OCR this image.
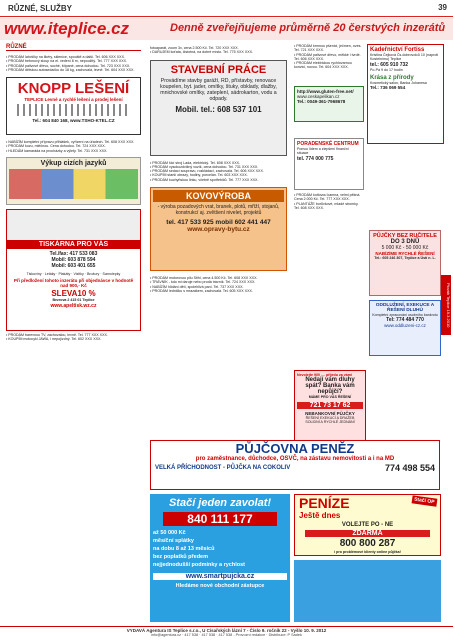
RŮZNÉ, SLUŽBY	39
www.iteplice.cz	Denně zveřejňujeme průměrně 20 čerstvých inzerátů
RŮZNÉ

• PRODÁM lahvičky na likéry, sklenice, spouště a další. Tel. 606 XXX XXX.

• PRODÁM betonový sloup na el. vedení 8 m, nepoužitý. Tel. 777 XXX XXX.

• PRODÁM palivové dřevo, suché, štípané, cena dohodou. Tel. 723 XXX XXX.

• PRODÁM dětskou autosedačku do 18 kg, zachovalá, levně. Tel. 604 XXX XXX.

KNOPP LEŠENÍ
TEPLICE Levné a rychlé lešení a prodej lešení
Tel.: 604 840 168, www.TSHO-KTEL.CZ

• NABÍZÍM kompletní přípravu přihlášek, vyřízení na úřadech. Tel. 608 XXX XXX.

• PRODÁM kozu, mléčnou. Cena dohodou. Tel. 724 XXX XXX.

• HLEDÁM kamaráda na procházky a výlety. Tel. 731 XXX XXX.

Výkup cizích jazyků
TISKÁRNA PRO VÁS
Tel./fax: 417 533 083
Mobil: 603 878 594
Mobil: 603 401 655
Tiskoviny · Letáky · Plakáty · Vizitky · Brožury · Samolepky
Při předložení tohoto inzerátu při objednávce v hodnotě nad 900,- Kč
SLEVA10 %
Bezrova 2 415 01 Teplice
www.apeltisk.wz.cz

• PRODÁM barevnou TV, zachovalou, levně. Tel. 777 XXX XXX.

• KOUPÍM motocykl JAWA, i nepojízdný. Tel. 602 XXX XXX.

fotoaparát, zoom 3x, cena 2.500 Kč. Tel. 720 XXX XXX.

• DARUJEM koťata, čistotná, na dobré místo. Tel. 775 XXX XXX.

STAVEBNÍ PRÁCE
Provádíme stavby garáží, RD, přístavby, renovace koupelen, byt. jader, omítky, štuky, obklady, dlažby, mnichovské omítky, zateplení, sádrokarton, vodu a odpady.
Mobil. tel.: 608 537 101

• PRODÁM šicí stroj Lada, elektrický. Tel. 608 XXX XXX.

• PRODÁM vysokozdvižný vozík, cena dohodou. Tel. 731 XXX XXX.

• PRODÁM sedací soupravu, rozkládací, zachovalá. Tel. 606 XXX XXX.

• KOUPÍM starší obrazy, hodiny, porcelán. Tel. 603 XXX XXX.

• PRODÁM kuchyňskou linku, včetně spotřebičů. Tel. 777 XXX XXX.

KOVOVÝROBA
- výroba pozadových vrat, branek, plotů, mříží, stojanů, konstrukcí aj. zvětšení nivelet, projektů
tel. 417 533 925 mobil 602 441 447
www.opravy-bytu.cz

• PRODÁM motorovou pilu Stihl, cena 4.500 Kč. Tel. 608 XXX XXX.

• TRÁVNÍK - kdo mi daruje nebo prodá trávník. Tel. 724 XXX XXX.

• NABÍZÍM hlídání dětí, spolehlivá paní. Tel. 737 XXX XXX.

• PRODÁM ledničku s mrazákem, zachovalá. Tel. 605 XXX XXX.

• PRODÁM krmnou pšenici, ječmen, oves. Tel. 721 XXX XXX.

• PRODÁM palivové dřevo, měkké i tvrdé. Tel. 606 XXX XXX.

• PRODÁM elektrickou rychlovarnou konvici, novou. Tel. 604 XXX XXX.

Kadeřnictví Fortiss
Kristina Čejková Čs.dobrovolců 10 (naproti Kostelnímu) Teplice
tel.: 605 910 732
Po-Pá 9 do 17 hodin
Krása z přírody
Kosmetický salon, Banka Johanesa
Tel.: 736 069 554
http://www.gluten-free.net/
www.ceskapelikan.cz
Tel.: 0049-361-7968678
PORADENSKÉ CENTRUM
Pomoc lidem a zlepšení finanční situace
tel. 774 000 775

• PRODÁM kotlovou kamna, velmi pěkná. Cena 2.000 Kč. Tel. 777 XXX XXX.

• PLANTÁŽE borůvkové, mladé stromky. Tel. 608 XXX XXX.

PŮJČKY BEZ RUČITELE
DO 3 DNŮ
5 000 Kč - 50 000 Kč
NABÍZÍME RYCHLÉ ŘEŠENÍ
Tel.: 605 246 307, Teplice a Ústí n. L.
ODDLUŽENÍ, EXEKUCE A ŘEŠENÍ DLUHŮ
Kompletní zpracování osobního bankrotu
Tel: 774 484 770
www.oddluzeni-cz.cz	Plovák Teplice 19.3.2010
Nevolejte 900 .... přijedu za vámi
Nedají vám dluhy spát? Banka vám nepůjčí?
MÁME PRO VÁS ŘEŠENÍ
721 73 17 62
NEBANKOVNÍ PŮJČKY
ŘEŠENÍ EXEKUCÍ A DRAŽEB
SOLIDNÍ A RYCHLÉ JEDNÁNÍ
PŮJČOVNA PENĚZ
pro zaměstnance, důchodce, OSVČ, na zástavu nemovitosti a i na MD
VELKÁ PŘÍCHODNOST - PŮJČKA NA COKOLIV	774 498 554
PENÍZE	Stačí OP
Ještě dnes
VOLEJTE PO - NE
ZDARMA
800 800 287
i pro problémové klienty online půjčka!
Stačí jeden zavolat!
840 111 177
až 50 000 Kč
měsíční splátky
na dobu 8 až 13 měsíců
bez poplatků předem
nejjednodušší podmínky a rychlost
www.smartpujcka.cz
Hledáme nové obchodní zástupce
VYDAVÁ Agentura IS Teplice s.r.o., U Císařských lázní 7 - Číslo 9. ročník 22 - Vyšlo 10. 9. 2012
info@agentura.cz · 417 538 · 417 538 · 417 538 - Provozní redakce · Distribuce: P Sadek
